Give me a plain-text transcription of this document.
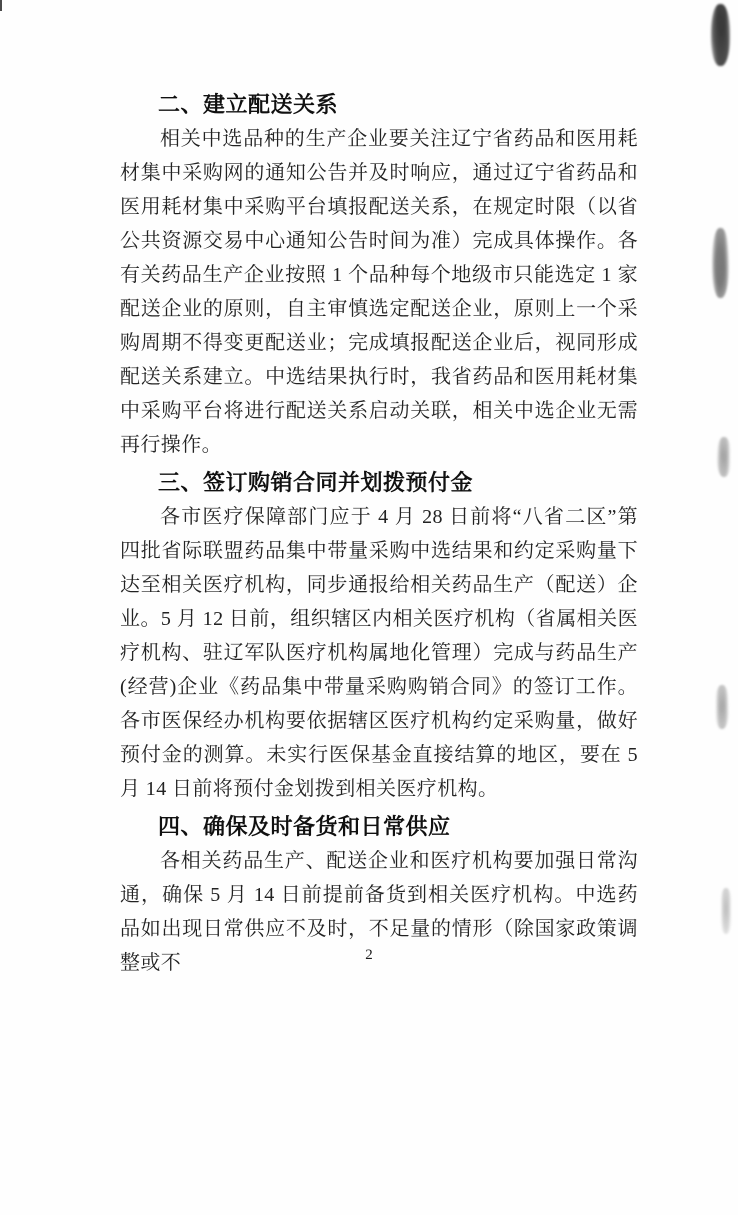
二、建立配送关系

相关中选品种的生产企业要关注辽宁省药品和医用耗材集中采购网的通知公告并及时响应，通过辽宁省药品和医用耗材集中采购平台填报配送关系，在规定时限（以省公共资源交易中心通知公告时间为准）完成具体操作。各有关药品生产企业按照 1 个品种每个地级市只能选定 1 家配送企业的原则，自主审慎选定配送企业，原则上一个采购周期不得变更配送业；完成填报配送企业后，视同形成配送关系建立。中选结果执行时，我省药品和医用耗材集中采购平台将进行配送关系启动关联，相关中选企业无需再行操作。

三、签订购销合同并划拨预付金

各市医疗保障部门应于 4 月 28 日前将“八省二区”第四批省际联盟药品集中带量采购中选结果和约定采购量下达至相关医疗机构，同步通报给相关药品生产（配送）企业。5 月 12 日前，组织辖区内相关医疗机构（省属相关医疗机构、驻辽军队医疗机构属地化管理）完成与药品生产(经营)企业《药品集中带量采购购销合同》的签订工作。各市医保经办机构要依据辖区医疗机构约定采购量，做好预付金的测算。未实行医保基金直接结算的地区，要在 5 月 14 日前将预付金划拨到相关医疗机构。

四、确保及时备货和日常供应

各相关药品生产、配送企业和医疗机构要加强日常沟通，确保 5 月 14 日前提前备货到相关医疗机构。中选药品如出现日常供应不及时，不足量的情形（除国家政策调整或不	2
